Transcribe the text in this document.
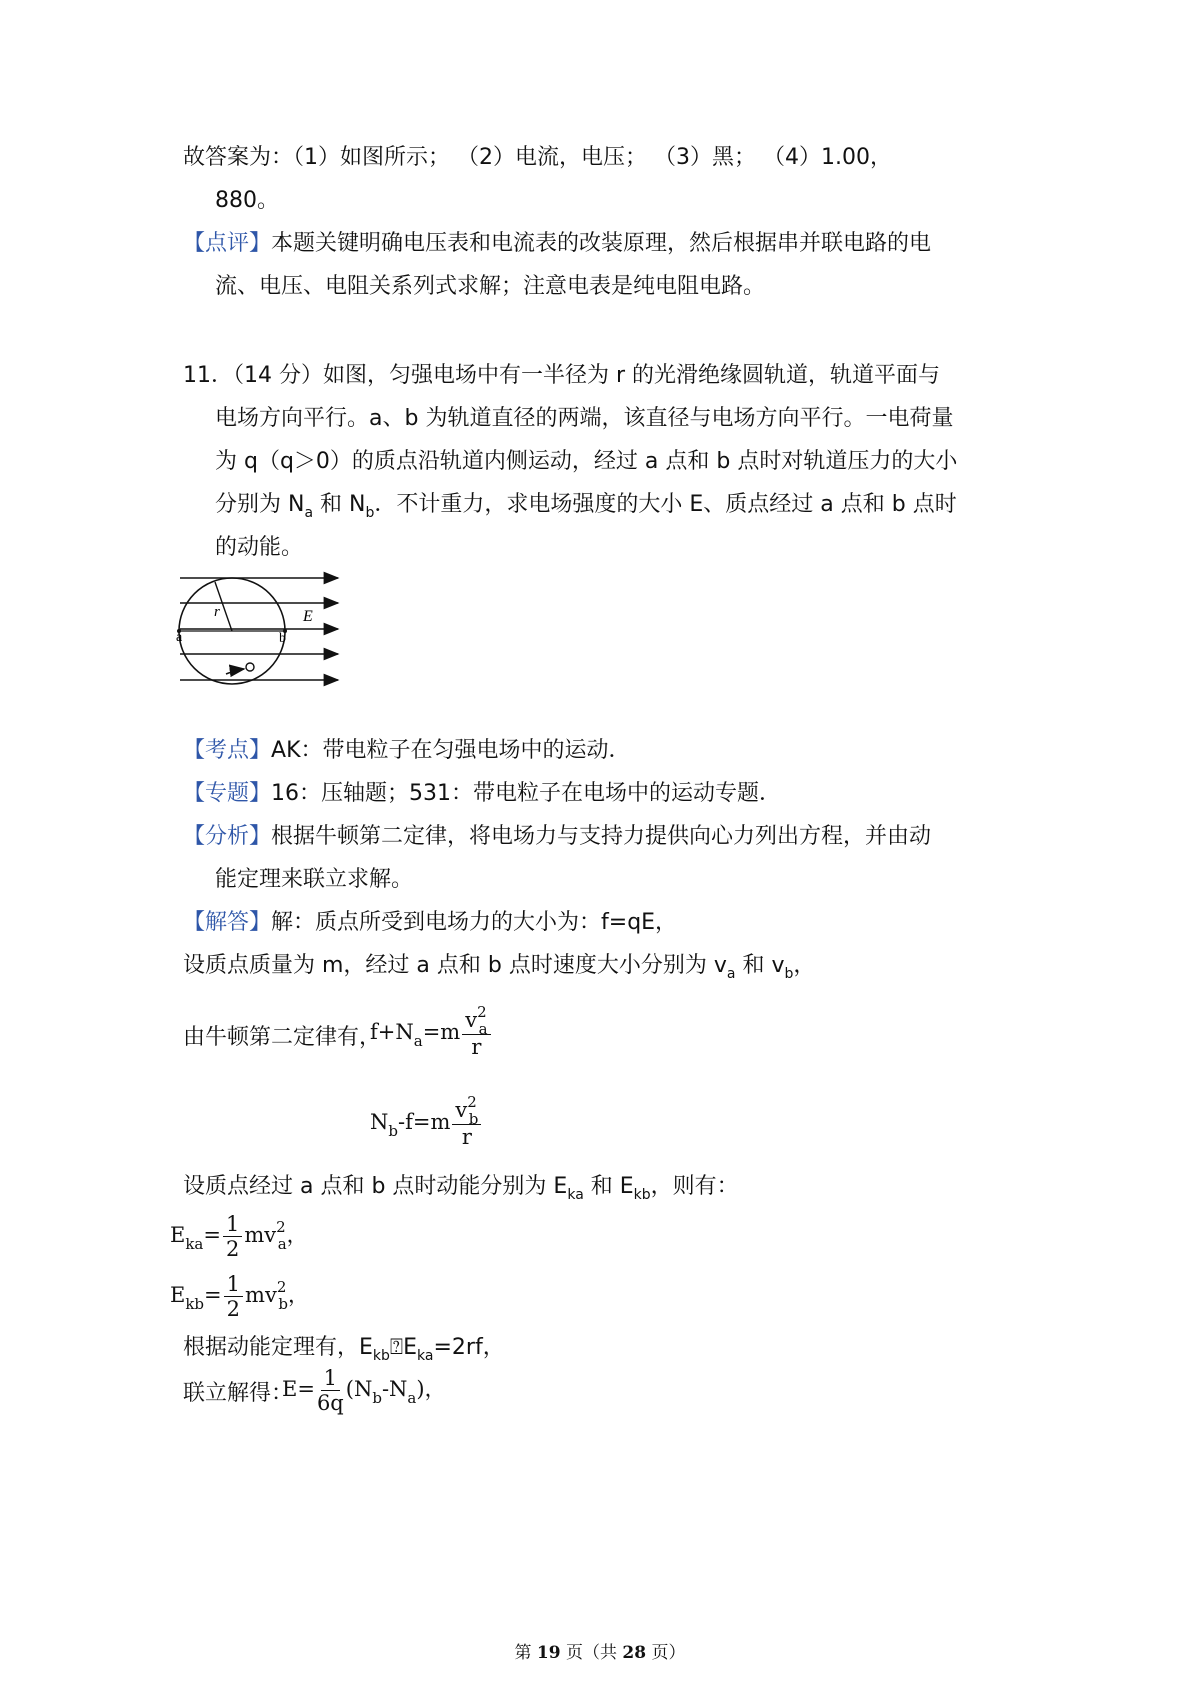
故答案为：（1）如图所示； （2）电流，电压； （3）黑； （4）1.00，
880。
【点评】本题关键明确电压表和电流表的改装原理，然后根据串并联电路的电
流、电压、电阻关系列式求解；注意电表是纯电阻电路。
11．（14 分）如图，匀强电场中有一半径为 r 的光滑绝缘圆轨道，轨道平面与
电场方向平行。a、b 为轨道直径的两端，该直径与电场方向平行。一电荷量
为 q（q＞0）的质点沿轨道内侧运动，经过 a 点和 b 点时对轨道压力的大小
分别为 $N_a$ 和 $N_b$．不计重力，求电场强度的大小 E、质点经过 a 点和 b 点时
的动能。
r	E
a	b
【考点】AK：带电粒子在匀强电场中的运动．
【专题】16：压轴题；531：带电粒子在电场中的运动专题．
【分析】根据牛顿第二定律，将电场力与支持力提供向心力列出方程，并由动
能定理来联立求解。
【解答】解：质点所受到电场力的大小为：f=qE，
设质点质量为 m，经过 a 点和 b 点时速度大小分别为 $v_a$ 和 $v_b$，
由牛顿第二定律有，
$f+N_a=m \frac{v^2_a}{r}$
$N_b-f=m \frac{v^2_b}{r}$
设质点经过 a 点和 b 点时动能分别为 $E_{ka}$ 和 $E_{kb}$，则有：
$E_{ka}= \frac{1}{2} mv^2_a$，
$E_{kb}= \frac{1}{2} mv^2_b$，
根据动能定理有，$E_{kb}⍰E_{ka}=2rf$，
联立解得：
$E= \frac{1}{6q} (N_b-N_a)$，
第 19 页（共 28 页）
